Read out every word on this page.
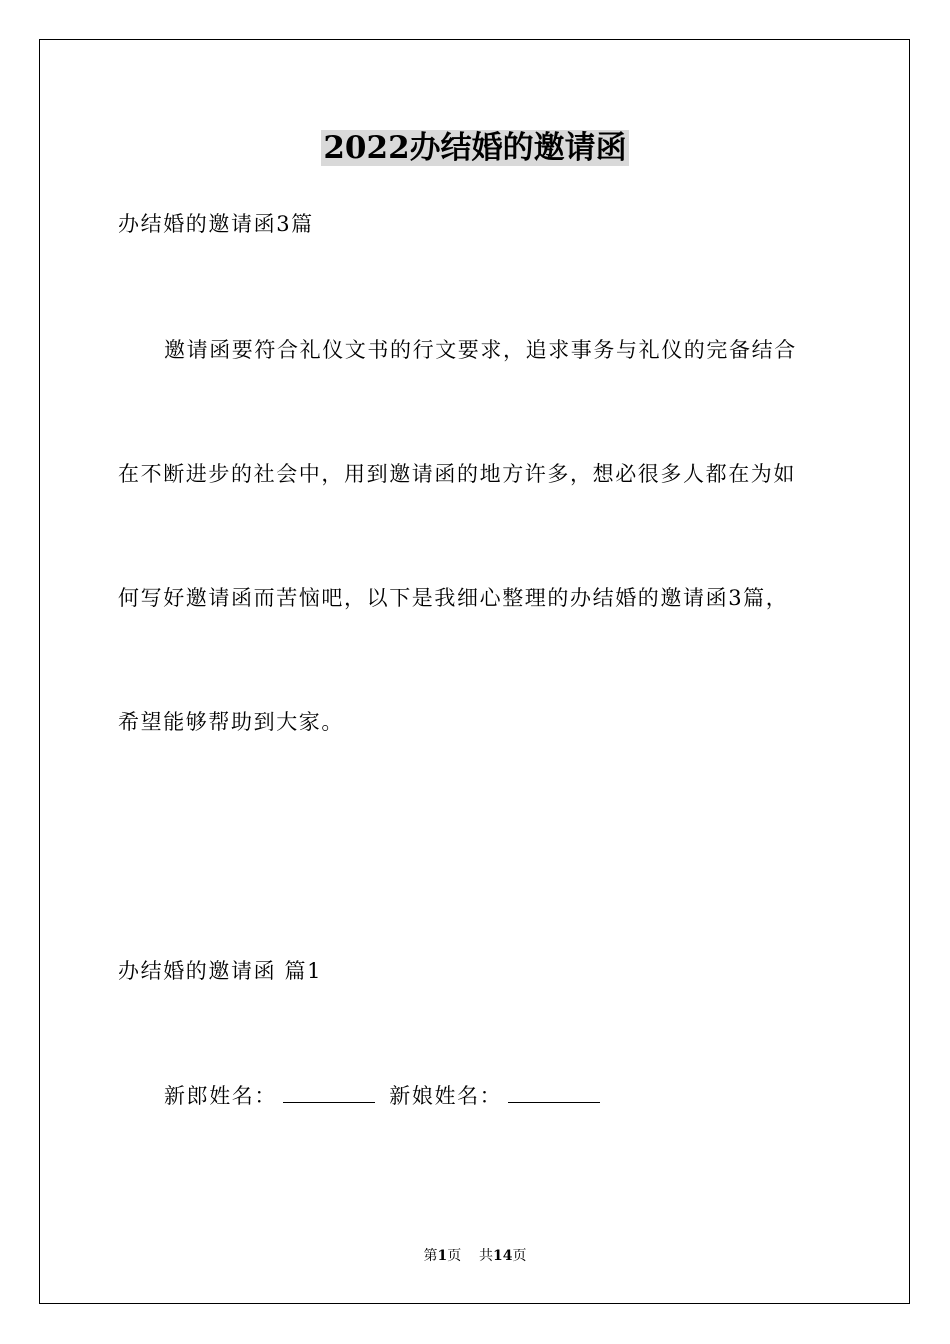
2022办结婚的邀请函
办结婚的邀请函3篇
邀请函要符合礼仪文书的行文要求，追求事务与礼仪的完备结合
在不断进步的社会中，用到邀请函的地方许多，想必很多人都在为如
何写好邀请函而苦恼吧，以下是我细心整理的办结婚的邀请函3篇，
希望能够帮助到大家。
办结婚的邀请函 篇1
新郎姓名：	新娘姓名：
第1页 共14页
